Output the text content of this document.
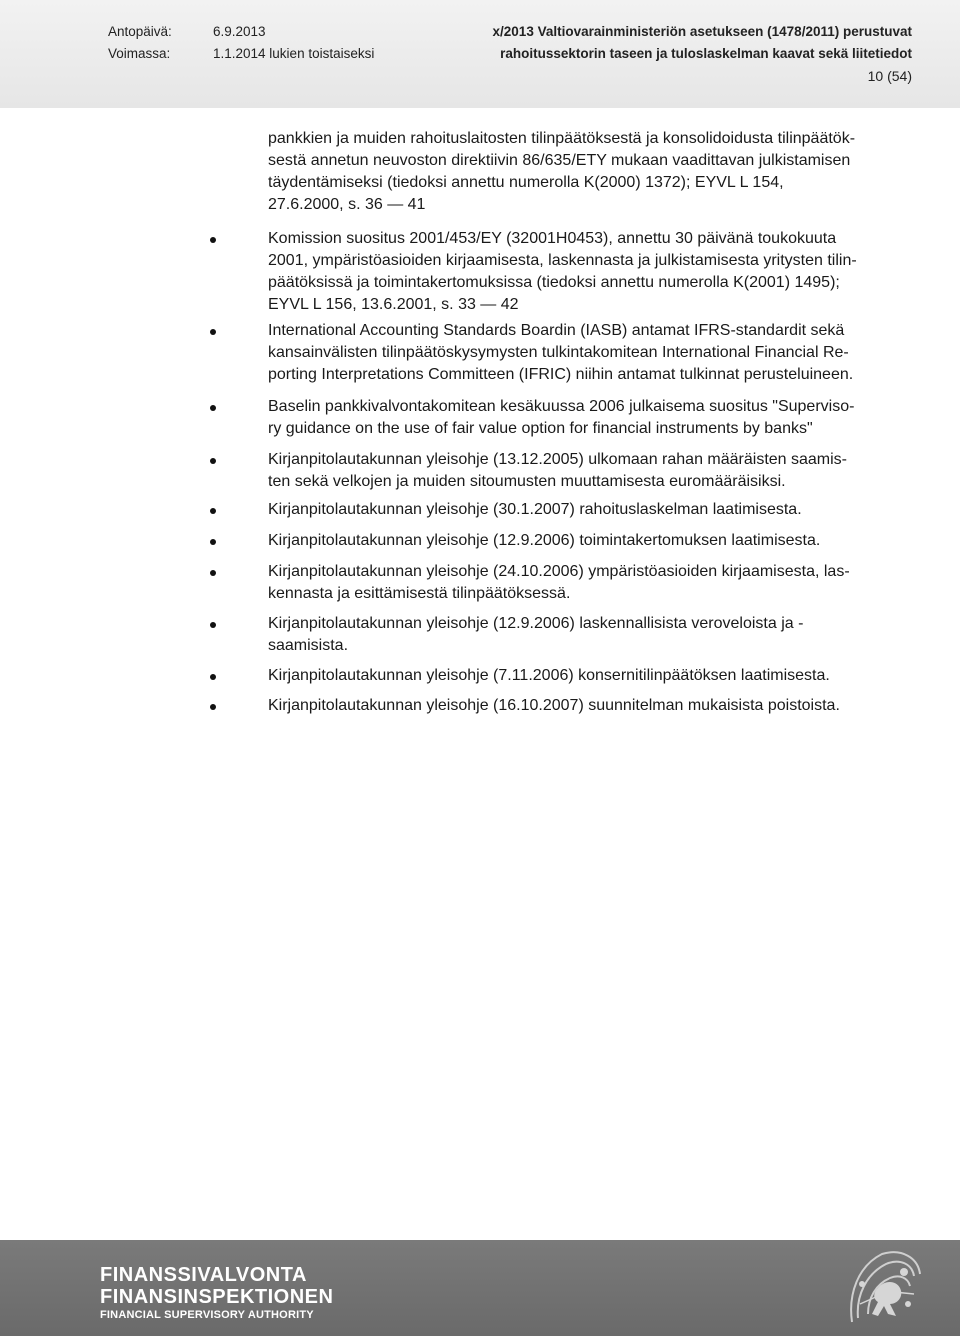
Antopäivä:	6.9.2013
Voimassa:	1.1.2014 lukien toistaiseksi
x/2013 Valtiovarainministeriön asetukseen (1478/2011) perustuvat
rahoitussektorin taseen ja tuloslaskelman kaavat sekä liitetiedot
10 (54)

pankkien ja muiden rahoituslaitosten tilinpäätöksestä ja konsolidoidusta tilinpäätök-
sestä annetun neuvoston direktiivin 86/635/ETY mukaan vaadittavan julkistamisen
täydentämiseksi (tiedoksi annettu numerolla K(2000) 1372); EYVL L 154,
27.6.2000, s. 36 — 41

Komission suositus 2001/453/EY (32001H0453), annettu 30 päivänä toukokuuta
2001, ympäristöasioiden kirjaamisesta, laskennasta ja julkistamisesta yritysten tilin-
päätöksissä ja toimintakertomuksissa (tiedoksi annettu numerolla K(2001) 1495);
EYVL L 156, 13.6.2001, s. 33 — 42
International Accounting Standards Boardin (IASB) antamat IFRS-standardit sekä
kansainvälisten tilinpäätöskysymysten tulkintakomitean International Financial Re-
porting Interpretations Committeen (IFRIC) niihin antamat tulkinnat perusteluineen.
Baselin pankkivalvontakomitean kesäkuussa 2006 julkaisema suositus "Superviso-
ry guidance on the use of fair value option for financial instruments by banks"
Kirjanpitolautakunnan yleisohje (13.12.2005) ulkomaan rahan määräisten saamis-
ten sekä velkojen ja muiden sitoumusten muuttamisesta euromääräisiksi.
Kirjanpitolautakunnan yleisohje (30.1.2007) rahoituslaskelman laatimisesta.
Kirjanpitolautakunnan yleisohje (12.9.2006) toimintakertomuksen laatimisesta.
Kirjanpitolautakunnan yleisohje (24.10.2006) ympäristöasioiden kirjaamisesta, las-
kennasta ja esittämisestä tilinpäätöksessä.
Kirjanpitolautakunnan yleisohje (12.9.2006) laskennallisista veroveloista ja -
saamisista.
Kirjanpitolautakunnan yleisohje (7.11.2006) konsernitilinpäätöksen laatimisesta.
Kirjanpitolautakunnan yleisohje (16.10.2007) suunnitelman mukaisista poistoista.
FINANSSIVALVONTA
FINANSINSPEKTIONEN
FINANCIAL SUPERVISORY AUTHORITY
